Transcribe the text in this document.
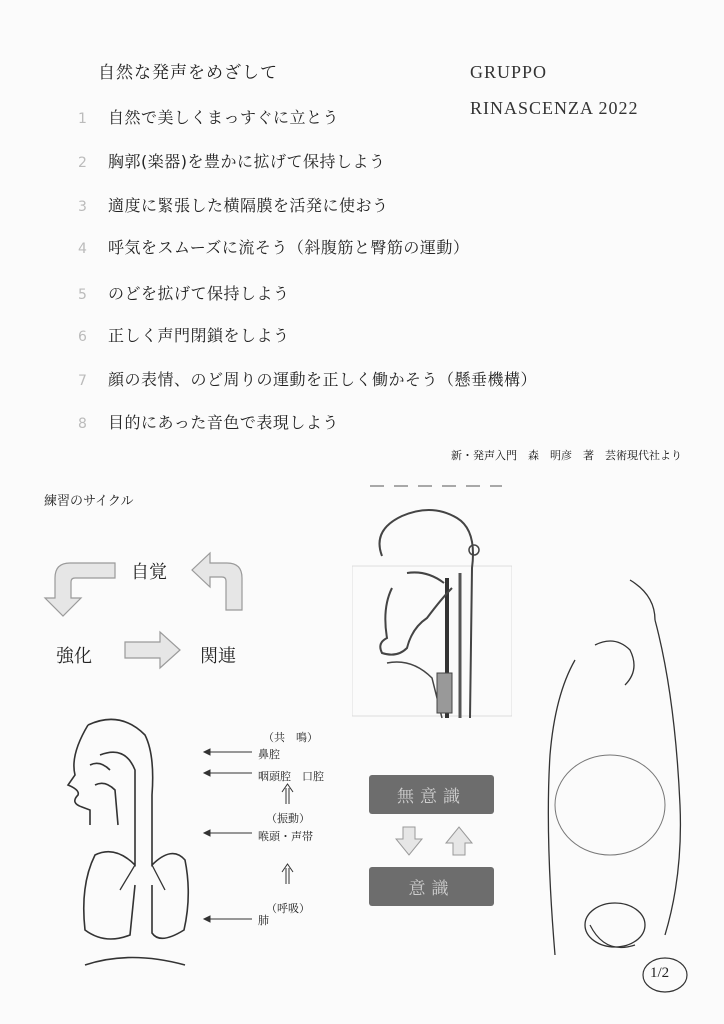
自然な発声をめざして	GRUPPO
RINASCENZA 2022
1 自然で美しくまっすぐに立とう
2 胸郭(楽器)を豊かに拡げて保持しよう
3 適度に緊張した横隔膜を活発に使おう
4 呼気をスムーズに流そう（斜腹筋と臀筋の運動）
5 のどを拡げて保持しよう
6 正しく声門閉鎖をしよう
7 顔の表情、のど周りの運動を正しく働かそう（懸垂機構）
8 目的にあった音色で表現しよう
新・発声入門　森　明彦　著　芸術現代社より
練習のサイクル
自覚
強化	関連
（共　鳴）
鼻腔
咽頭腔　口腔
（振動）
喉頭・声帯
（呼吸）
肺
無意識
意識
1/2
